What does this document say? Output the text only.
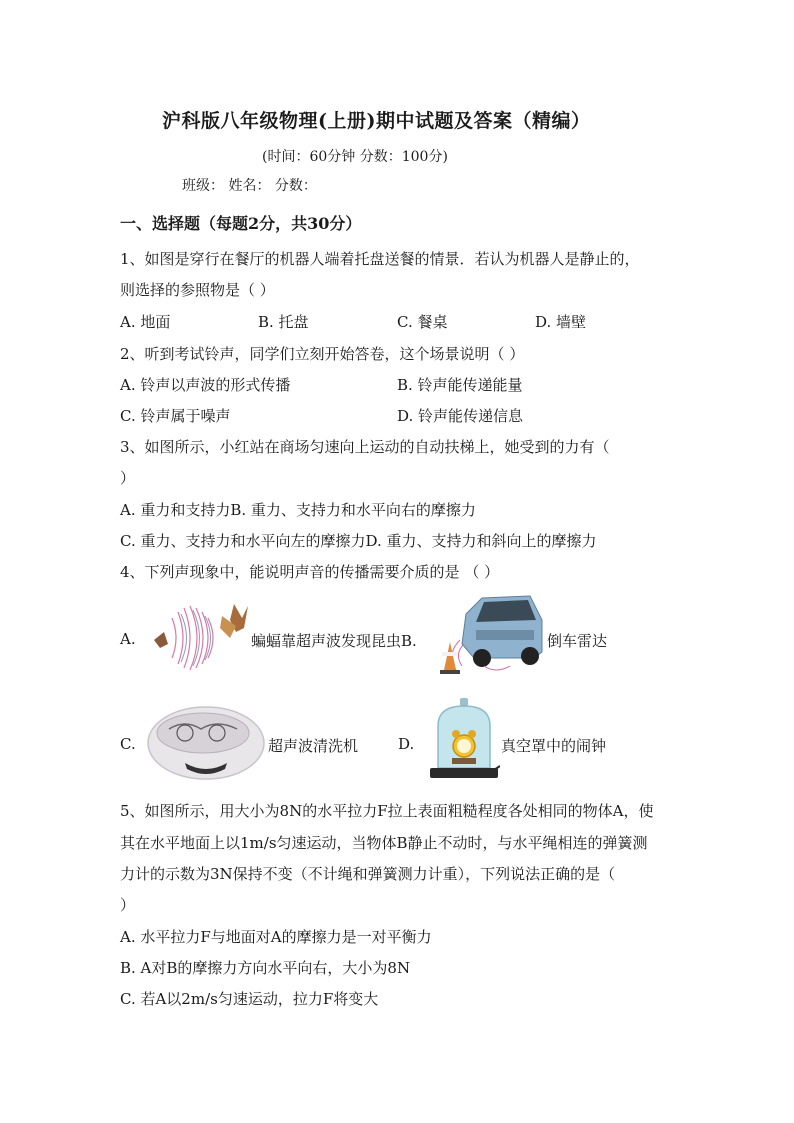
沪科版八年级物理(上册)期中试题及答案（精编）
(时间：60分钟 分数：100分)
班级： 姓名： 分数：
一、选择题（每题2分，共30分）
1、如图是穿行在餐厅的机器人端着托盘送餐的情景．若认为机器人是静止的，
则选择的参照物是（ ）
A. 地面	B. 托盘	C. 餐桌	D. 墙壁
2、听到考试铃声，同学们立刻开始答卷，这个场景说明（ ）
A. 铃声以声波的形式传播	B. 铃声能传递能量
C. 铃声属于噪声	D. 铃声能传递信息
3、如图所示，小红站在商场匀速向上运动的自动扶梯上，她受到的力有（
）
A. 重力和支持力B. 重力、支持力和水平向右的摩擦力
C. 重力、支持力和水平向左的摩擦力D. 重力、支持力和斜向上的摩擦力
4、下列声现象中，能说明声音的传播需要介质的是 （ ）
A.	蝙蝠靠超声波发现昆虫B.	倒车雷达
C.	超声波清洗机	D.	真空罩中的闹钟
5、如图所示，用大小为8N的水平拉力F拉上表面粗糙程度各处相同的物体A，使
其在水平地面上以1m/s匀速运动，当物体B静止不动时，与水平绳相连的弹簧测
力计的示数为3N保持不变（不计绳和弹簧测力计重），下列说法正确的是（
）
A. 水平拉力F与地面对A的摩擦力是一对平衡力
B. A对B的摩擦力方向水平向右，大小为8N
C. 若A以2m/s匀速运动，拉力F将变大
